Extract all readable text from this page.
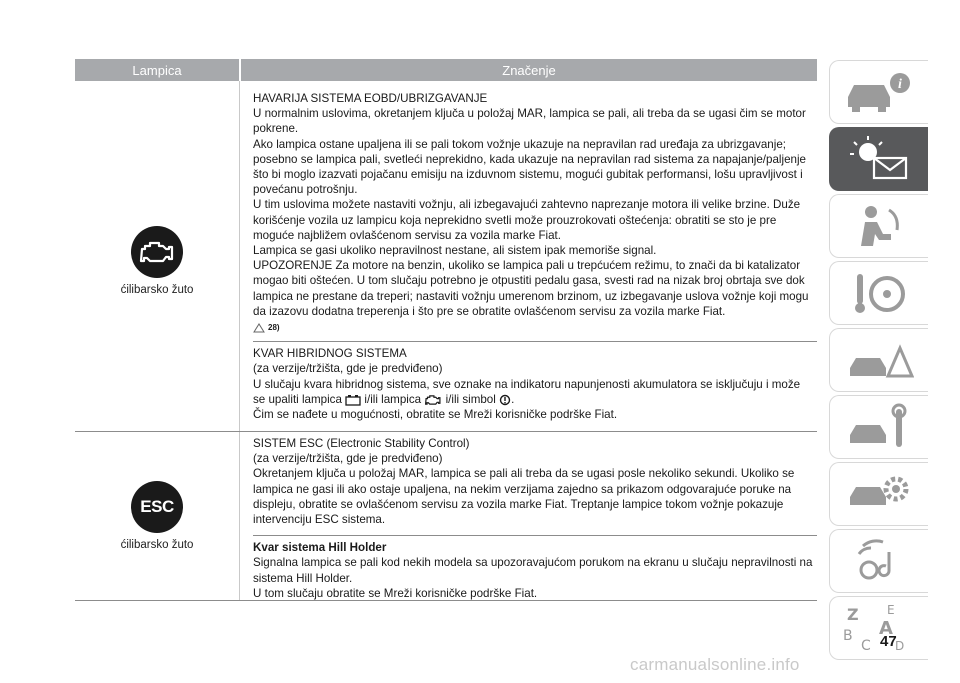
Lampica	Značenje
ćilibarsko žuto

HAVARIJA SISTEMA EOBD/UBRIZGAVANJE

U normalnim uslovima, okretanjem ključa u položaj MAR, lampica se pali, ali treba da se ugasi čim se motor pokrene.

Ako lampica ostane upaljena ili se pali tokom vožnje ukazuje na nepravilan rad uređaja za ubrizgavanje; posebno se lampica pali, svetleći neprekidno, kada ukazuje na nepravilan rad sistema za napajanje/paljenje što bi moglo izazvati pojačanu emisiju na izduvnom sistemu, mogući gubitak performansi, lošu upravljivost i povećanu potrošnju.

U tim uslovima možete nastaviti vožnju, ali izbegavajući zahtevno naprezanje motora ili velike brzine. Duže korišćenje vozila uz lampicu koja neprekidno svetli može prouzrokovati oštećenja: obratiti se sto je pre moguće najbližem ovlašćenom servisu za vozila marke Fiat.

Lampica se gasi ukoliko nepravilnost nestane, ali sistem ipak memoriše signal.

UPOZORENJE Za motore na benzin, ukoliko se lampica pali u trepćućem režimu, to znači da bi katalizator mogao biti oštećen. U tom slučaju potrebno je otpustiti pedalu gasa, svesti rad na nizak broj obrtaja sve dok lampica ne prestane da treperi; nastaviti vožnju umerenom brzinom, uz izbegavanje uslova vožnje koji mogu da izazovu dodatna treperenja i što pre se obratite ovlašćenom servisu za vozila marke Fiat.

28)

KVAR HIBRIDNOG SISTEMA

(za verzije/tržišta, gde je predviđeno)

U slučaju kvara hibridnog sistema, sve oznake na indikatoru napunjenosti akumulatora se isključuju i može

se upaliti lampica i/ili lampica i/ili simbol .

Čim se nađete u mogućnosti, obratite se Mreži korisničke podrške Fiat.

ESC
ćilibarsko žuto

SISTEM ESC (Electronic Stability Control)

(za verzije/tržišta, gde je predviđeno)

Okretanjem ključa u položaj MAR, lampica se pali ali treba da se ugasi posle nekoliko sekundi. Ukoliko se lampica ne gasi ili ako ostaje upaljena, na nekim verzijama zajedno sa prikazom odgovarajuće poruke na displeju, obratite se ovlašćenom servisu za vozila marke Fiat. Treptanje lampice tokom vožnje pokazuje intervenciju ESC sistema.

Kvar sistema Hill Holder

Signalna lampica se pali kod nekih modela sa upozoravajućom porukom na ekranu u slučaju nepravilnosti na sistema Hill Holder.

U tom slučaju obratite se Mreži korisničke podrške Fiat.

i
Z E
B A
C D
47
carmanualsonline.info
